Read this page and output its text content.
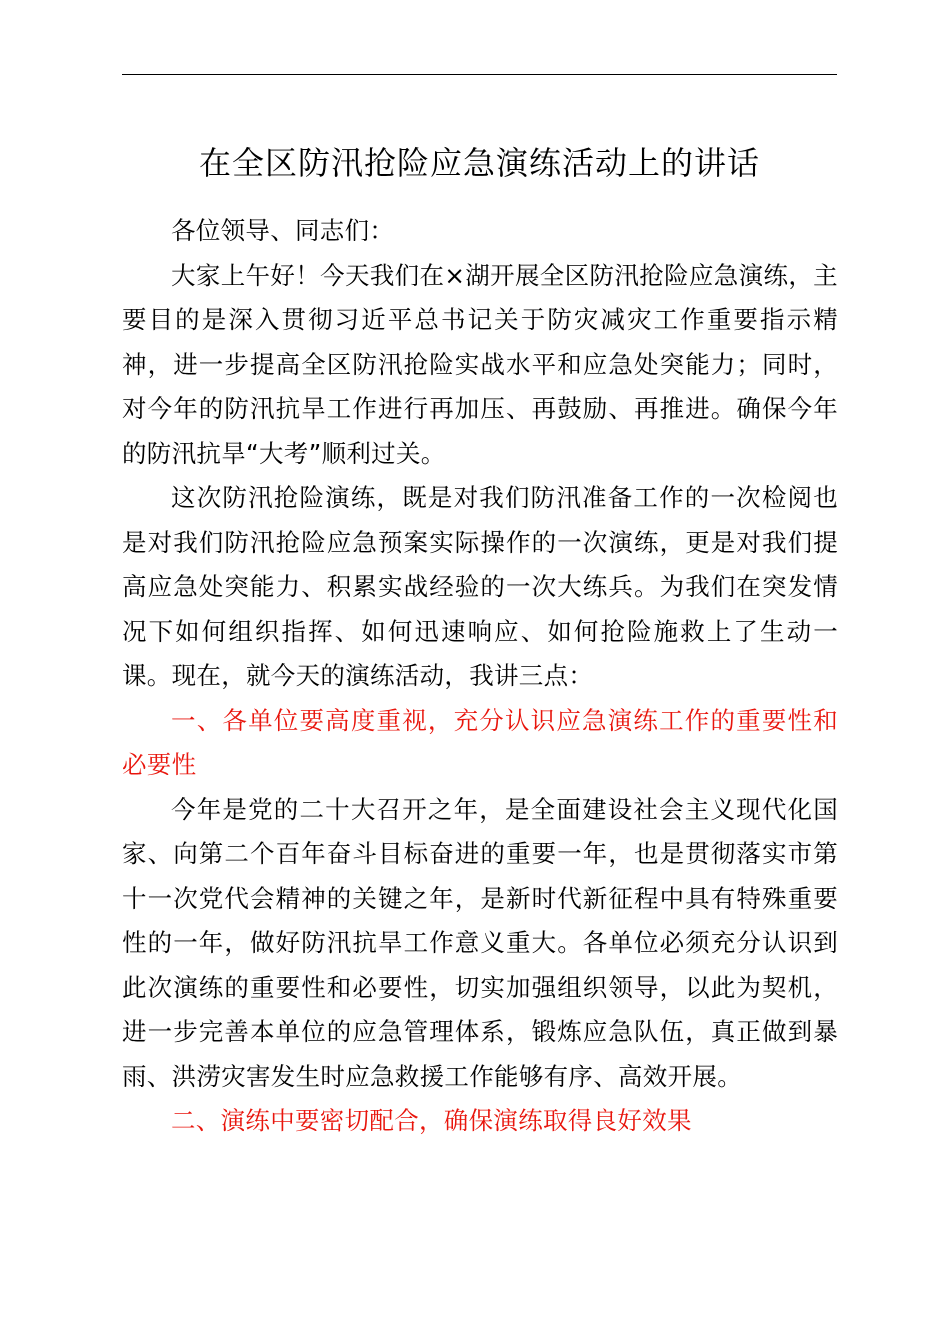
在全区防汛抢险应急演练活动上的讲话

各位领导、同志们：

大家上午好！今天我们在×湖开展全区防汛抢险应急演练，主要目的是深入贯彻习近平总书记关于防灾减灾工作重要指示精神，进一步提高全区防汛抢险实战水平和应急处突能力；同时，对今年的防汛抗旱工作进行再加压、再鼓励、再推进。确保今年的防汛抗旱“大考”顺利过关。

这次防汛抢险演练，既是对我们防汛准备工作的一次检阅也是对我们防汛抢险应急预案实际操作的一次演练，更是对我们提高应急处突能力、积累实战经验的一次大练兵。为我们在突发情况下如何组织指挥、如何迅速响应、如何抢险施救上了生动一课。现在，就今天的演练活动，我讲三点：

一、各单位要高度重视，充分认识应急演练工作的重要性和必要性

今年是党的二十大召开之年，是全面建设社会主义现代化国家、向第二个百年奋斗目标奋进的重要一年，也是贯彻落实市第十一次党代会精神的关键之年，是新时代新征程中具有特殊重要性的一年，做好防汛抗旱工作意义重大。各单位必须充分认识到此次演练的重要性和必要性，切实加强组织领导，以此为契机，进一步完善本单位的应急管理体系，锻炼应急队伍，真正做到暴雨、洪涝灾害发生时应急救援工作能够有序、高效开展。

二、演练中要密切配合，确保演练取得良好效果
